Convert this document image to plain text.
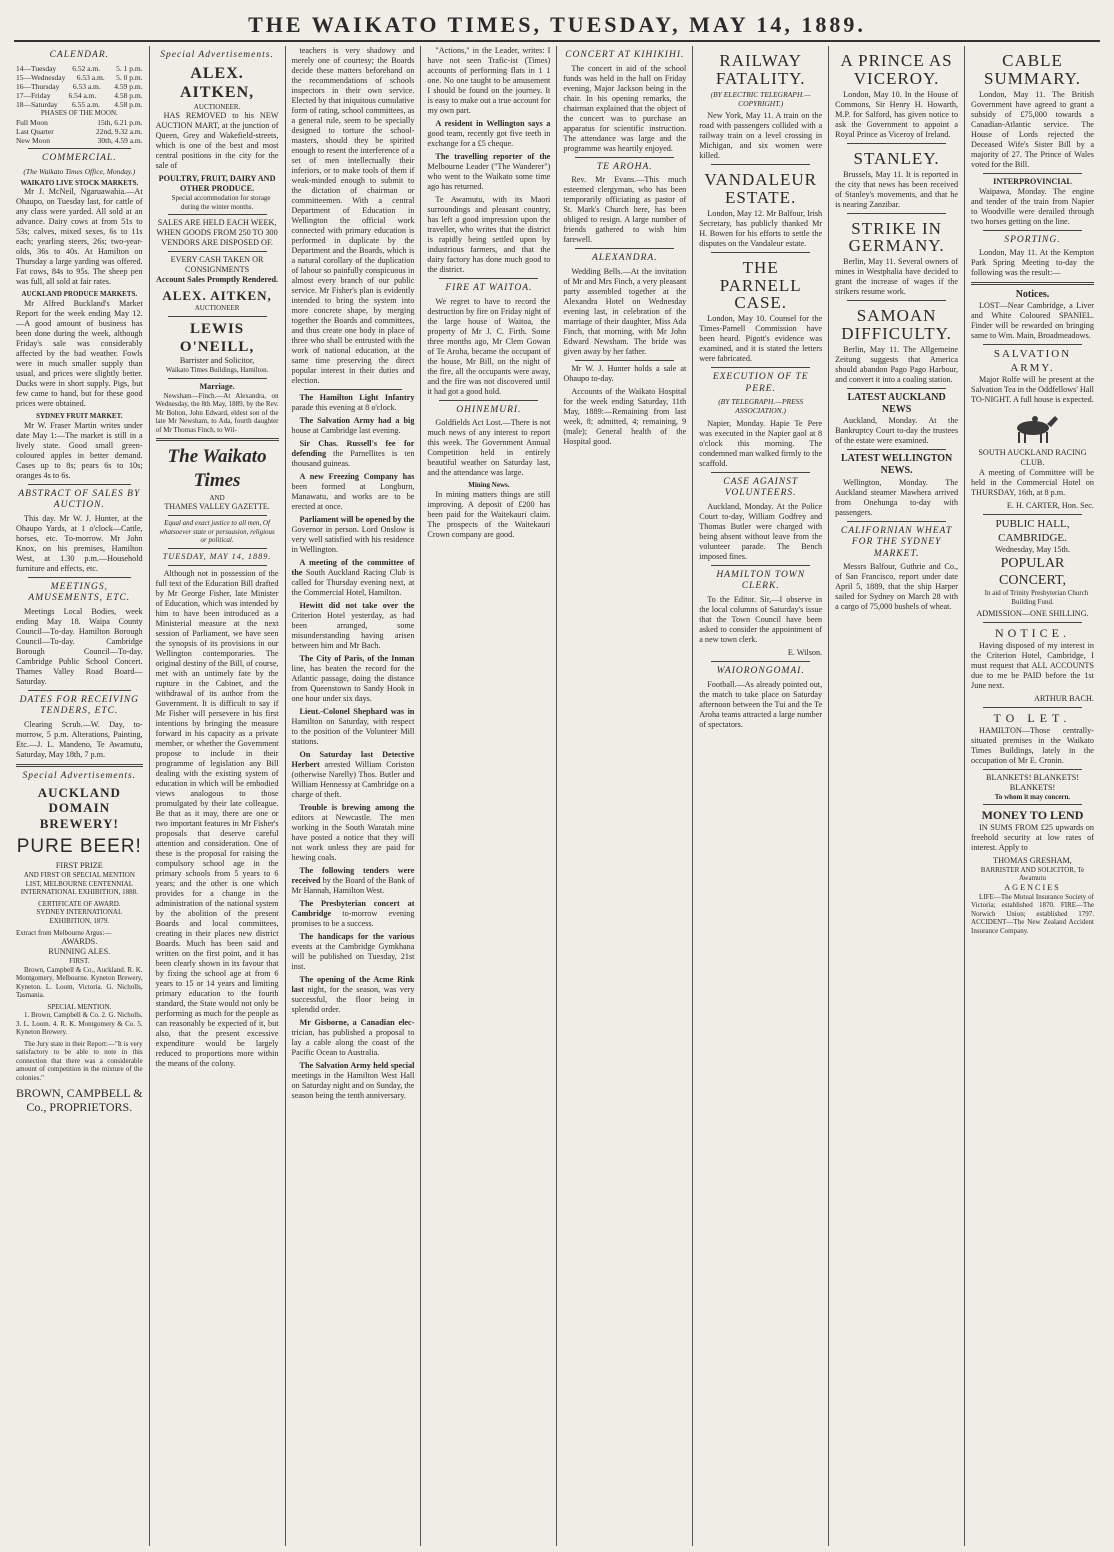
THE WAIKATO TIMES, TUESDAY, MAY 14, 1889.
CALENDAR.
14—Tuesday 6.52 a.m. 5. 1 p.m.
15—Wednesday 6.53 a.m. 5. 0 p.m.
16—Thursday 6.53 a.m. 4.59 p.m.
17—Friday 6.54 a.m. 4.58 p.m.
18—Saturday 6.55 a.m. 4.58 p.m.
PHASES OF THE MOON.
Full Moon	15th, 6.21 p.m.
Last Quarter	22nd, 9.32 a.m.
New Moon	30th, 4.59 a.m.
COMMERCIAL.
(The Waikato Times Office, Monday.)
WAIKATO LIVE STOCK MARKETS.

Mr J. McNeil, Ngaruawahia.—At Ohaupo, on Tuesday last, for cattle of any class were yarded. All sold at an advance. Dairy cows at from 51s to 53s; calves, mixed sexes, 6s to 11s each; yearling steers, 26s; two-year-olds, 36s to 40s. At Hamilton on Thursday a large yarding was offered. Fat cows, 84s to 95s. The sheep pen was full, all sold at fair rates.

AUCKLAND PRODUCE MARKETS.

Mr Alfred Buckland's Market Report for the week ending May 12.—A good amount of business has been done during the week, although Friday's sale was considerably affected by the bad weather. Fowls were in much smaller supply than usual, and prices were slightly better. Ducks were in short supply. Pigs, but few came to hand, but for these good prices were obtained.

SYDNEY FRUIT MARKET.

Mr W. Fraser Martin writes under date May 1:—The market is still in a lively state. Good small green-coloured apples in better demand. Cases up to 8s; pears 6s to 10s; oranges 4s to 6s.

ABSTRACT OF SALES BY AUCTION.

This day. Mr W. J. Hunter, at the Ohaupo Yards, at 1 o'clock—Cattle, horses, etc. To-morrow. Mr John Knox, on his premises, Hamilton West, at 1.30 p.m.—Household furniture and effects, etc.

MEETINGS, AMUSEMENTS, ETC.

Meetings Local Bodies, week ending May 18. Waipa County Council—To-day. Hamilton Borough Council—To-day. Cambridge Borough Council—To-day. Cambridge Public School Concert. Thames Valley Road Board—Saturday.

DATES FOR RECEIVING TENDERS, ETC.

Clearing Scrub.—W. Day, to-morrow, 5 p.m. Alterations, Painting, Etc.—J. L. Mandeno, Te Awamutu, Saturday, May 18th, 7 p.m.

Special Advertisements.
AUCKLAND DOMAIN
BREWERY!
PURE BEER!
FIRST PRIZE
AND FIRST OR SPECIAL MENTION LIST, MELBOURNE CENTENNIAL INTERNATIONAL EXHIBITION, 1888.
CERTIFICATE OF AWARD.
SYDNEY INTERNATIONAL EXHIBITION, 1879.
Extract from Melbourne Argus:—
AWARDS.
RUNNING ALES.
FIRST.

Brown, Campbell & Co., Auckland. R. K. Montgomery, Melbourne. Kyneton Brewery, Kyneton. L. Loom, Victoria. G. Nicholls, Tasmania.

SPECIAL MENTION.

1. Brown, Campbell & Co. 2. G. Nicholls. 3. L. Loom. 4. R. K. Montgomery & Co. 5. Kyneton Brewery.

The Jury state in their Report:—"It is very satisfactory to be able to note in this connection that there was a considerable amount of competition in the mixture of the colonies."

BROWN, CAMPBELL & Co., PROPRIETORS.
Special Advertisements.
ALEX. AITKEN,
AUCTIONEER.

HAS REMOVED to his NEW AUCTION MART, at the junction of Queen, Grey and Wakefield-streets, which is one of the best and most central positions in the city for the sale of

POULTRY, FRUIT, DAIRY AND OTHER PRODUCE.

Special accommodation for storage during the winter months.

SALES ARE HELD EACH WEEK, WHEN GOODS FROM 250 TO 300 VENDORS ARE DISPOSED OF.
EVERY CASH TAKEN OR CONSIGNMENTS
Account Sales Promptly Rendered.
ALEX. AITKEN,
AUCTIONEER
LEWIS O'NEILL,
Barrister and Solicitor,
Waikato Times Buildings, Hamilton.
Marriage.

Newsham—Finch.—At Alexandra, on Wednesday, the 8th May, 1889, by the Rev. Mr Bolton, John Edward, eldest son of the late Mr Newsham, to Ada, fourth daughter of Mr Thomas Finch, to Wil-

The Waikato Times
AND
THAMES VALLEY GAZETTE.
Equal and exact justice to all men, Of whatsoever state or persuasion, religious or political.
TUESDAY, MAY 14, 1889.

Although not in possession of the full text of the Education Bill drafted by Mr George Fisher, late Minister of Education, which was intended by him to have been introduced as a Ministerial measure at the next session of Parliament, we have seen the synopsis of its provisions in our Wellington contemporaries. The original destiny of the Bill, of course, met with an untimely fate by the rupture in the Cabinet, and the withdrawal of its author from the Government. It is difficult to say if Mr Fisher will persevere in his first intentions by bringing the measure forward in his capacity as a private member, or whether the Government propose to include in their programme of legislation any Bill dealing with the existing system of education in which will be embodied views analogous to those promulgated by their late colleague. Be that as it may, there are one or two important features in Mr Fisher's proposals that deserve careful attention and consideration. One of these is the proposal for raising the compulsory school age in the primary schools from 5 years to 6 years; and the other is one which provides for a change in the administration of the national system by the abolition of the present Boards and local committees, creating in their places new district Boards. Much has been said and written on the first point, and it has been clearly shown in its favour that by fixing the school age at from 6 years to 15 or 14 years and limiting primary education to the fourth standard, the State would not only be performing as much for the people as can reasonably be expected of it, but also, that the present excessive expenditure would be largely reduced to proportions more within the means of the colony.

teachers is very shadowy and merely one of courtesy; the Boards decide these matters beforehand on the recommendations of schools inspectors in their own service. Elected by that iniquitous cumulative form of rating, school committees, as a general rule, seem to be specially designed to torture the school-masters, should they be spirited enough to resent the interference of a set of men intellectually their inferiors, or to make tools of them if weak-minded enough to submit to the dictation of chairman or committeemen. With a central Department of Education in Wellington the official work connected with primary education is performed in duplicate by the Department and the Boards, which is a natural corollary of the duplication of labour so painfully conspicuous in almost every branch of our public service. Mr Fisher's plan is evidently intended to bring the system into more concrete shape, by merging together the Boards and committees, and thus create one body in place of three who shall be entrusted with the work of national education, at the same time preserving the direct popular interest in their duties and election.

The Hamilton Light Infantry parade this evening at 8 o'clock.

The Salvation Army had a big house at Cambridge last evening.

Sir Chas. Russell's fee for defending the Parnellites is ten thousand guineas.

A new Freezing Company has been formed at Longburn, Manawatu, and works are to be erected at once.

Parliament will be opened by the Governor in person. Lord Onslow is very well satisfied with his residence in Wellington.

A meeting of the committee of the South Auckland Racing Club is called for Thursday evening next, at the Commercial Hotel, Hamilton.

Hewitt did not take over the Criterion Hotel yesterday, as had been arranged, some misunderstanding having arisen between him and Mr Bach.

The City of Paris, of the Inman line, has beaten the record for the Atlantic passage, doing the distance from Queenstown to Sandy Hook in one hour under six days.

Lieut.-Colonel Shephard was in Hamilton on Saturday, with respect to the position of the Volunteer Mill stations.

On Saturday last Detective Herbert arrested William Coriston (otherwise Narelly) Thos. Butler and William Hennessy at Cambridge on a charge of theft.

Trouble is brewing among the editors at Newcastle. The men working in the South Waratah mine have posted a notice that they will not work unless they are paid for hewing coals.

The following tenders were received by the Board of the Bank of Mr Hannah, Hamilton West.

The Presbyterian concert at Cambridge to-morrow evening promises to be a success.

The handicaps for the various events at the Cambridge Gymkhana will be published on Tuesday, 21st inst.

The opening of the Acme Rink last night, for the season, was very successful, the floor being in splendid order.

Mr Gisborne, a Canadian elec- trician, has published a proposal to lay a cable along the coast of the Pacific Ocean to Australia.

The Salvation Army held special meetings in the Hamilton West Hall on Saturday night and on Sunday, the season being the tenth anniversary.

"Actions," in the Leader, writes: I have not seen Trafic-ist (Times) accounts of performing flats in 1 1 one. No one taught to be amusement I should be found on the journey. It is easy to make out a true account for my own part.

A resident in Wellington says a good team, recently got five teeth in exchange for a £5 cheque.

The travelling reporter of the Melbourne Leader ("The Wanderer") who went to the Waikato some time ago has returned.

Te Awamutu, with its Maori surroundings and pleasant country, has left a good impression upon the traveller, who writes that the district is rapidly being settled upon by industrious farmers, and that the dairy factory has done much good to the district.

FIRE AT WAITOA.

We regret to have to record the destruction by fire on Friday night of the large house of Waitoa, the property of Mr J. C. Firth. Some three months ago, Mr Clem Gowan of Te Aroha, became the occupant of the house, Mr Bill, on the night of the fire, all the occupants were away, and the fire was not discovered until it had got a good hold.

OHINEMURI.

Goldfields Act Lost.—There is not much news of any interest to report this week. The Government Annual Competition held in entirely beautiful weather on Saturday last, and the attendance was large.

Mining News.

In mining matters things are still improving. A deposit of £200 has been paid for the Waitekauri claim. The prospects of the Waitekauri Crown company are good.

CONCERT AT KIHIKIHI.

The concert in aid of the school funds was held in the hall on Friday evening, Major Jackson being in the chair. In his opening remarks, the chairman explained that the object of the concert was to purchase an apparatus for scientific instruction. The attendance was large and the programme was heartily enjoyed.

TE AROHA.

Rev. Mr Evans.—This much esteemed clergyman, who has been temporarily officiating as pastor of St. Mark's Church here, has been obliged to resign. A large number of friends gathered to wish him farewell.

ALEXANDRA.

Wedding Bells.—At the invitation of Mr and Mrs Finch, a very pleasant party assembled together at the Alexandra Hotel on Wednesday evening last, in celebration of the marriage of their daughter, Miss Ada Finch, that morning, with Mr John Edward Newsham. The bride was given away by her father.

Mr W. J. Hunter holds a sale at Ohaupo to-day.

Accounts of the Waikato Hospital for the week ending Saturday, 11th May, 1889:—Remaining from last week, 8; admitted, 4; remaining, 9 (male); General health of the Hospital good.

RAILWAY FATALITY.
(BY ELECTRIC TELEGRAPH.—COPYRIGHT.)

New York, May 11. A train on the road with passengers collided with a railway train on a level crossing in Michigan, and six women were killed.

VANDALEUR ESTATE.

London, May 12. Mr Balfour, Irish Secretary, has publicly thanked Mr H. Bowen for his efforts to settle the disputes on the Vandaleur estate.

THE PARNELL CASE.

London, May 10. Counsel for the Times-Parnell Commission have been heard. Pigott's evidence was examined, and it is stated the letters were fabricated.

EXECUTION OF TE PERE.
(BY TELEGRAPH.—PRESS ASSOCIATION.)

Napier, Monday. Hapie Te Pere was executed in the Napier gaol at 8 o'clock this morning. The condemned man walked firmly to the scaffold.

CASE AGAINST VOLUNTEERS.

Auckland, Monday. At the Police Court to-day, William Godfrey and Thomas Butler were charged with being absent without leave from the volunteer parade. The Bench imposed fines.

HAMILTON TOWN CLERK.

To the Editor. Sir,—I observe in the local columns of Saturday's issue that the Town Council have been asked to consider the appointment of a new town clerk.

E. Wilson.
WAIORONGOMAI.

Football.—As already pointed out, the match to take place on Saturday afternoon between the Tui and the Te Aroha teams attracted a large number of spectators.

A PRINCE AS VICEROY.

London, May 10. In the House of Commons, Sir Henry H. Howarth, M.P. for Salford, has given notice to ask the Government to appoint a Royal Prince as Viceroy of Ireland.

STANLEY.

Brussels, May 11. It is reported in the city that news has been received of Stanley's movements, and that he is nearing Zanzibar.

STRIKE IN GERMANY.

Berlin, May 11. Several owners of mines in Westphalia have decided to grant the increase of wages if the strikers resume work.

SAMOAN DIFFICULTY.

Berlin, May 11. The Allgemeine Zeitung suggests that America should abandon Pago Pago Harbour, and convert it into a coaling station.

LATEST AUCKLAND NEWS

Auckland, Monday. At the Bankruptcy Court to-day the trustees of the estate were examined.

LATEST WELLINGTON NEWS.

Wellington, Monday. The Auckland steamer Mawhera arrived from Onehunga to-day with passengers.

CALIFORNIAN WHEAT FOR THE SYDNEY MARKET.

Messrs Balfour, Guthrie and Co., of San Francisco, report under date April 5, 1889, that the ship Harper sailed for Sydney on March 28 with a cargo of 75,000 bushels of wheat.

CABLE SUMMARY.

London, May 11. The British Government have agreed to grant a subsidy of £75,000 towards a Canadian-Atlantic service. The House of Lords rejected the Deceased Wife's Sister Bill by a majority of 27. The Prince of Wales voted for the Bill.

INTERPROVINCIAL

Waipawa, Monday. The engine and tender of the train from Napier to Woodville were derailed through two horses getting on the line.

SPORTING.

London, May 11. At the Kempton Park Spring Meeting to-day the following was the result:—

Notices.

LOST—Near Cambridge, a Liver and White Coloured SPANIEL. Finder will be rewarded on bringing same to Wm. Main, Broadmeadows.

SALVATION ARMY.

Major Rolfe will be present at the Salvation Tea in the Oddfellows' Hall TO-NIGHT. A full house is expected.

SOUTH AUCKLAND RACING CLUB.

A meeting of Committee will be held in the Commercial Hotel on THURSDAY, 16th, at 8 p.m.

E. H. CARTER, Hon. Sec.
PUBLIC HALL, CAMBRIDGE.
Wednesday, May 15th.
POPULAR CONCERT,

In aid of Trinity Presbyterian Church Building Fund.

ADMISSION—ONE SHILLING.
NOTICE.

Having disposed of my interest in the Criterion Hotel, Cambridge, I must request that ALL ACCOUNTS due to me be PAID before the 1st June next.

ARTHUR BACH.
TO LET.

HAMILTON—Those centrally-situated premises in the Waikato Times Buildings, lately in the occupation of Mr E. Cronin.

BLANKETS! BLANKETS! BLANKETS!
To whom it may concern.
MONEY TO LEND

IN SUMS FROM £25 upwards on freehold security at low rates of interest. Apply to

THOMAS GRESHAM,
BARRISTER AND SOLICITOR, Te Awamutu
AGENCIES

LIFE—The Mutual Insurance Society of Victoria; established 1870. FIRE—The Norwich Union; established 1797. ACCIDENT—The New Zealand Accident Insurance Company.
